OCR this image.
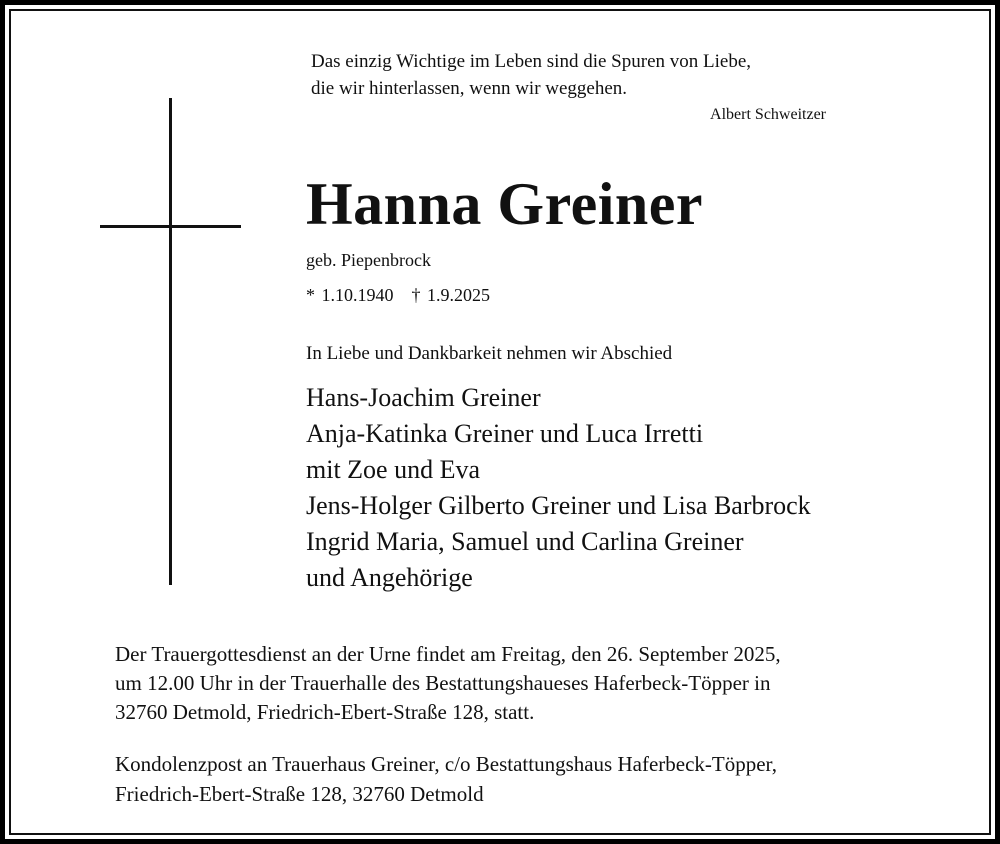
Das einzig Wichtige im Leben sind die Spuren von Liebe,
die wir hinterlassen, wenn wir weggehen.
Albert Schweitzer
Hanna Greiner
geb. Piepenbrock
* 1.10.1940 † 1.9.2025
In Liebe und Dankbarkeit nehmen wir Abschied
Hans-Joachim Greiner
Anja-Katinka Greiner und Luca Irretti
mit Zoe und Eva
Jens-Holger Gilberto Greiner und Lisa Barbrock
Ingrid Maria, Samuel und Carlina Greiner
und Angehörige
Der Trauergottesdienst an der Urne findet am Freitag, den 26. September 2025,
um 12.00 Uhr in der Trauerhalle des Bestattungshaueses Haferbeck-Töpper in
32760 Detmold, Friedrich-Ebert-Straße 128, statt.
Kondolenzpost an Trauerhaus Greiner, c/o Bestattungshaus Haferbeck-Töpper,
Friedrich-Ebert-Straße 128, 32760 Detmold
